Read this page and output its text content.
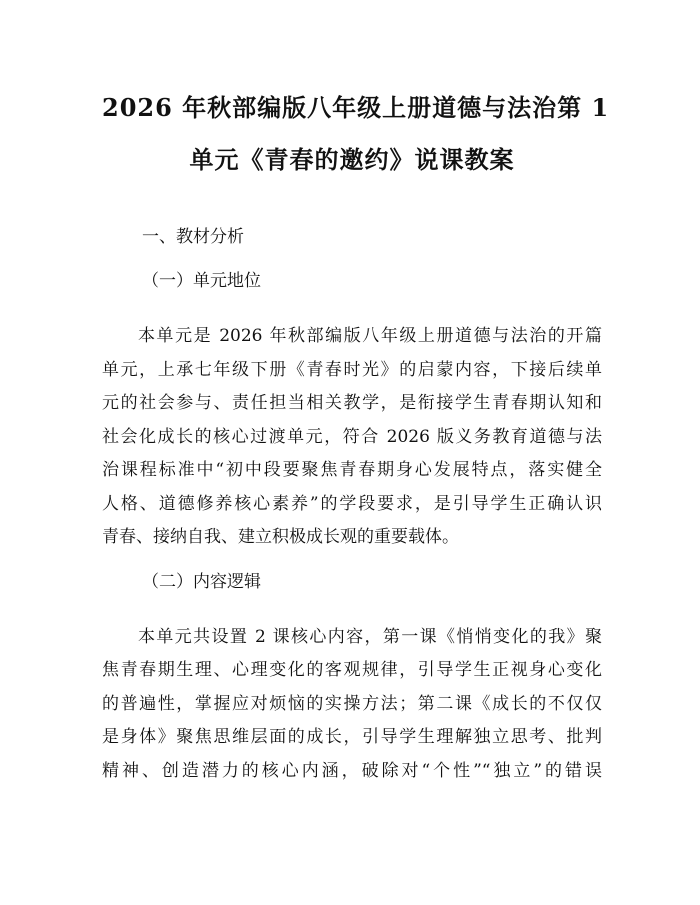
2026 年秋部编版八年级上册道德与法治第 1
单元《青春的邀约》说课教案

一、教材分析

（一）单元地位

本单元是 2026 年秋部编版八年级上册道德与法治的开篇
单元，上承七年级下册《青春时光》的启蒙内容，下接后续单
元的社会参与、责任担当相关教学，是衔接学生青春期认知和
社会化成长的核心过渡单元，符合 2026 版义务教育道德与法
治课程标准中“初中段要聚焦青春期身心发展特点，落实健全
人格、道德修养核心素养”的学段要求，是引导学生正确认识
青春、接纳自我、建立积极成长观的重要载体。

（二）内容逻辑

本单元共设置 2 课核心内容，第一课《悄悄变化的我》聚
焦青春期生理、心理变化的客观规律，引导学生正视身心变化
的普遍性，掌握应对烦恼的实操方法；第二课《成长的不仅仅
是身体》聚焦思维层面的成长，引导学生理解独立思考、批判
精神、创造潜力的核心内涵，破除对“个性”“独立”的错误
